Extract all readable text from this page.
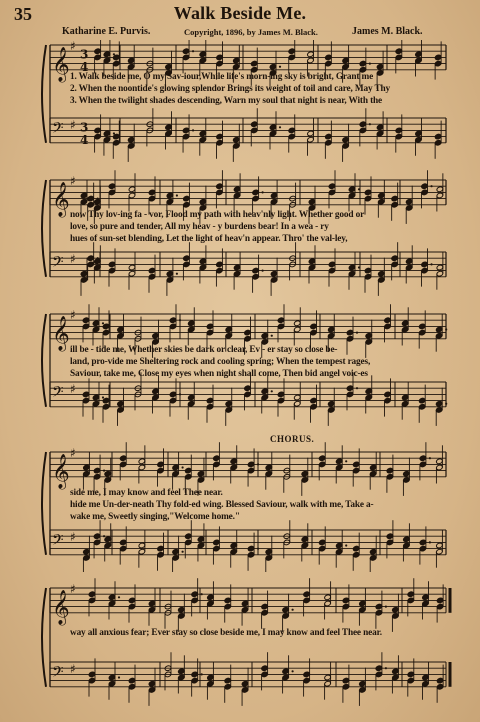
35	Walk Beside Me.
Katharine E. Purvis.	Copyright, 1896, by James M. Black.	James M. Black.
𝄞
♯
3
4
𝄢 ♯ 3
4
1. Walk beside me, O my Sav-iour,While life's morn-ing sky is bright, Grant me
2. When the noontide's glowing splendor Brings its weight of toil and care, May Thy
3. When the twilight shades descending, Warn my soul that night is near, With the
𝄞
♯
𝄢 ♯
now Thy lov-ing fa - vor, Flood my path with heav'nly light. Whether good or
love, so pure and tender, All my heav - y burdens bear! In a wea - ry
hues of sun-set blending, Let the light of heav'n appear. Thro' the val-ley,
𝄞
♯
𝄢 ♯
ill be - tide me, Whether skies be dark or clear, Ev - er stay so close be-
land, pro-vide me Sheltering rock and cooling spring; When the tempest rages,
Saviour, take me, Close my eyes when night shall come, Then bid angel voic-es
CHORUS.
𝄞
♯
𝄢 ♯
side me, I may know and feel Thee near.
hide me Un-der-neath Thy fold-ed wing. Blessed Saviour, walk with me, Take a-
wake me, Sweetly singing,"Welcome home."
𝄞
♯
𝄢 ♯
way all anxious fear; Ever stay so close beside me, I may know and feel Thee near.
